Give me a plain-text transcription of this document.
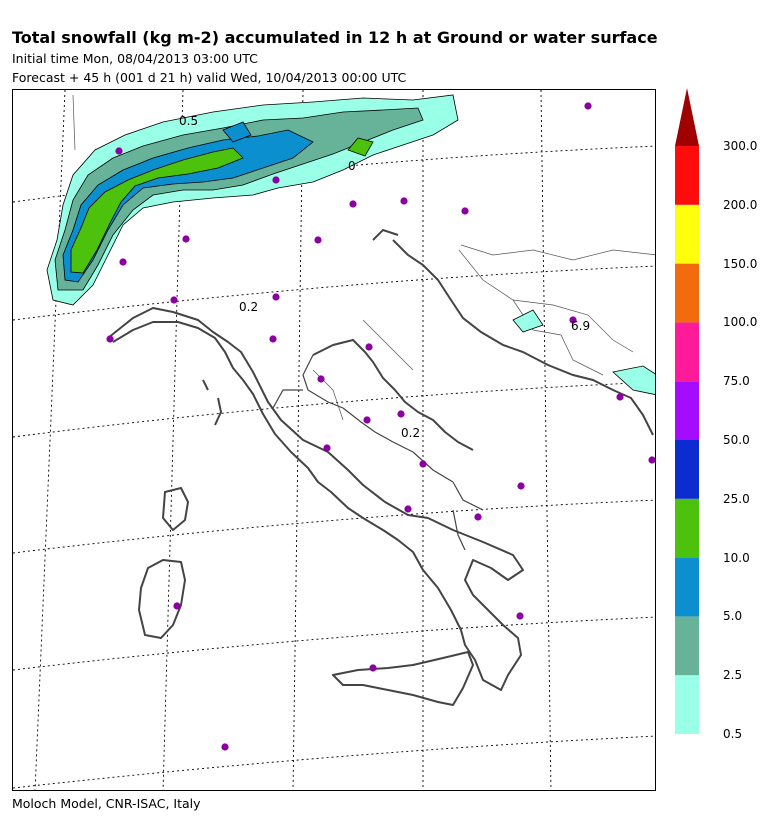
Total snowfall (kg m-2) accumulated in 12 h at Ground or water surface
Initial time Mon, 08/04/2013 03:00 UTC
Forecast + 45 h (001 d 21 h) valid Wed, 10/04/2013 00:00 UTC
0.5
0.2
0.2
6.9
0
0.5
2.5
5.0
10.0
25.0
50.0
75.0
100.0
150.0
200.0
300.0
Moloch Model, CNR-ISAC, Italy
